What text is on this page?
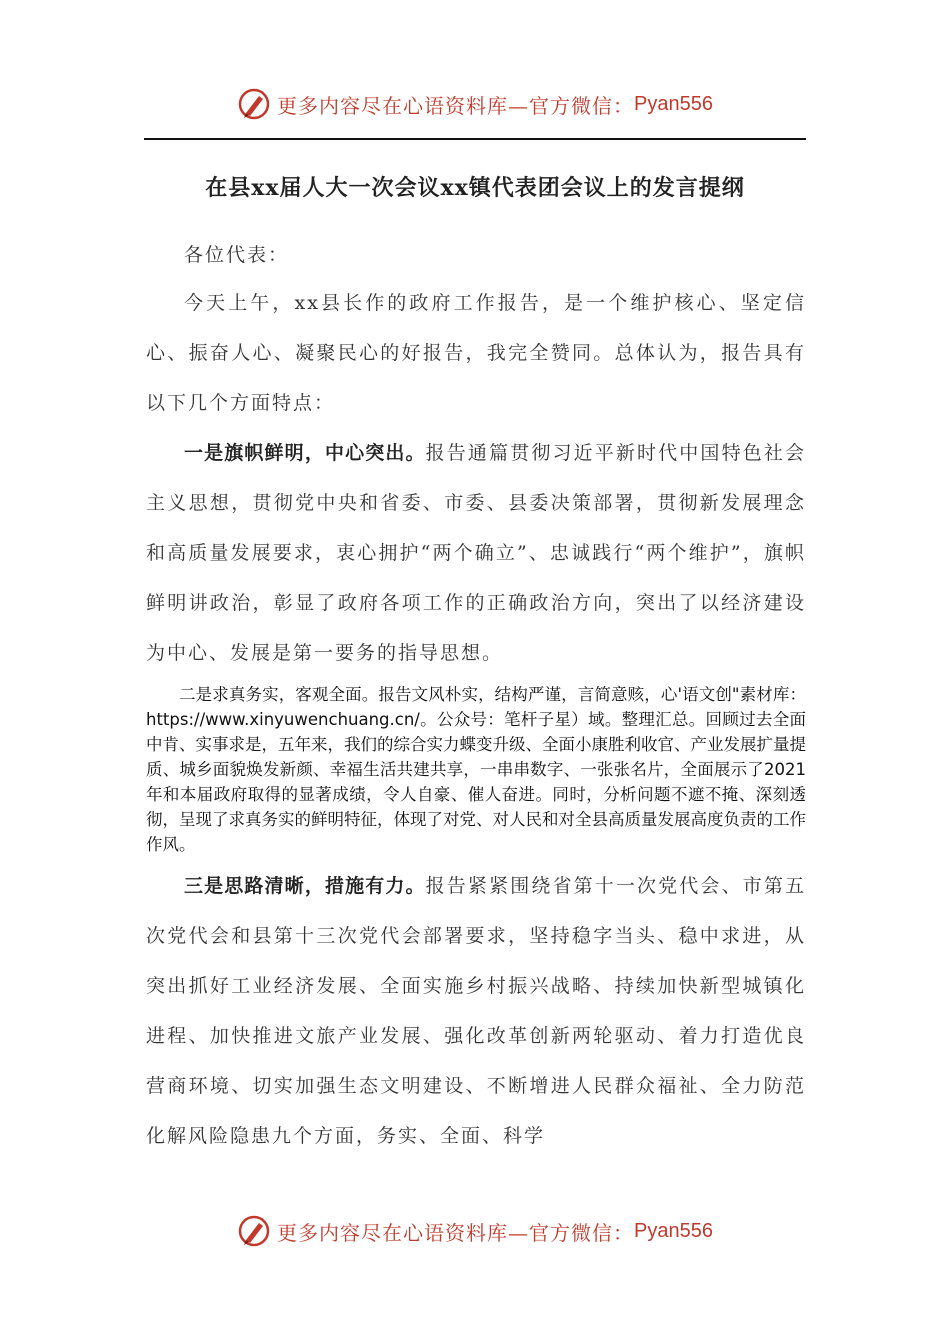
更多内容尽在心语资料库—官方微信： Pyan556
在县xx届人大一次会议xx镇代表团会议上的发言提纲

各位代表：

今天上午，xx县长作的政府工作报告，是一个维护核心、坚定信心、振奋人心、凝聚民心的好报告，我完全赞同。总体认为，报告具有以下几个方面特点：

一是旗帜鲜明，中心突出。报告通篇贯彻习近平新时代中国特色社会主义思想，贯彻党中央和省委、市委、县委决策部署，贯彻新发展理念和高质量发展要求，衷心拥护“两个确立”、忠诚践行“两个维护”，旗帜鲜明讲政治，彰显了政府各项工作的正确政治方向，突出了以经济建设为中心、发展是第一要务的指导思想。

二是求真务实，客观全面。报告文风朴实，结构严谨，言简意赅，心'语文创"素材库：https://www.xinyuwenchuang.cn/。公众号：笔杆子星）域。整理汇总。回顾过去全面中肯、实事求是，五年来，我们的综合实力蝶变升级、全面小康胜利收官、产业发展扩量提质、城乡面貌焕发新颜、幸福生活共建共享，一串串数字、一张张名片，全面展示了2021年和本届政府取得的显著成绩，令人自豪、催人奋进。同时，分析问题不遮不掩、深刻透彻，呈现了求真务实的鲜明特征，体现了对党、对人民和对全县高质量发展高度负责的工作作风。

三是思路清晰，措施有力。报告紧紧围绕省第十一次党代会、市第五次党代会和县第十三次党代会部署要求，坚持稳字当头、稳中求进，从突出抓好工业经济发展、全面实施乡村振兴战略、持续加快新型城镇化进程、加快推进文旅产业发展、强化改革创新两轮驱动、着力打造优良营商环境、切实加强生态文明建设、不断增进人民群众福祉、全力防范化解风险隐患九个方面，务实、全面、科学

更多内容尽在心语资料库—官方微信： Pyan556
